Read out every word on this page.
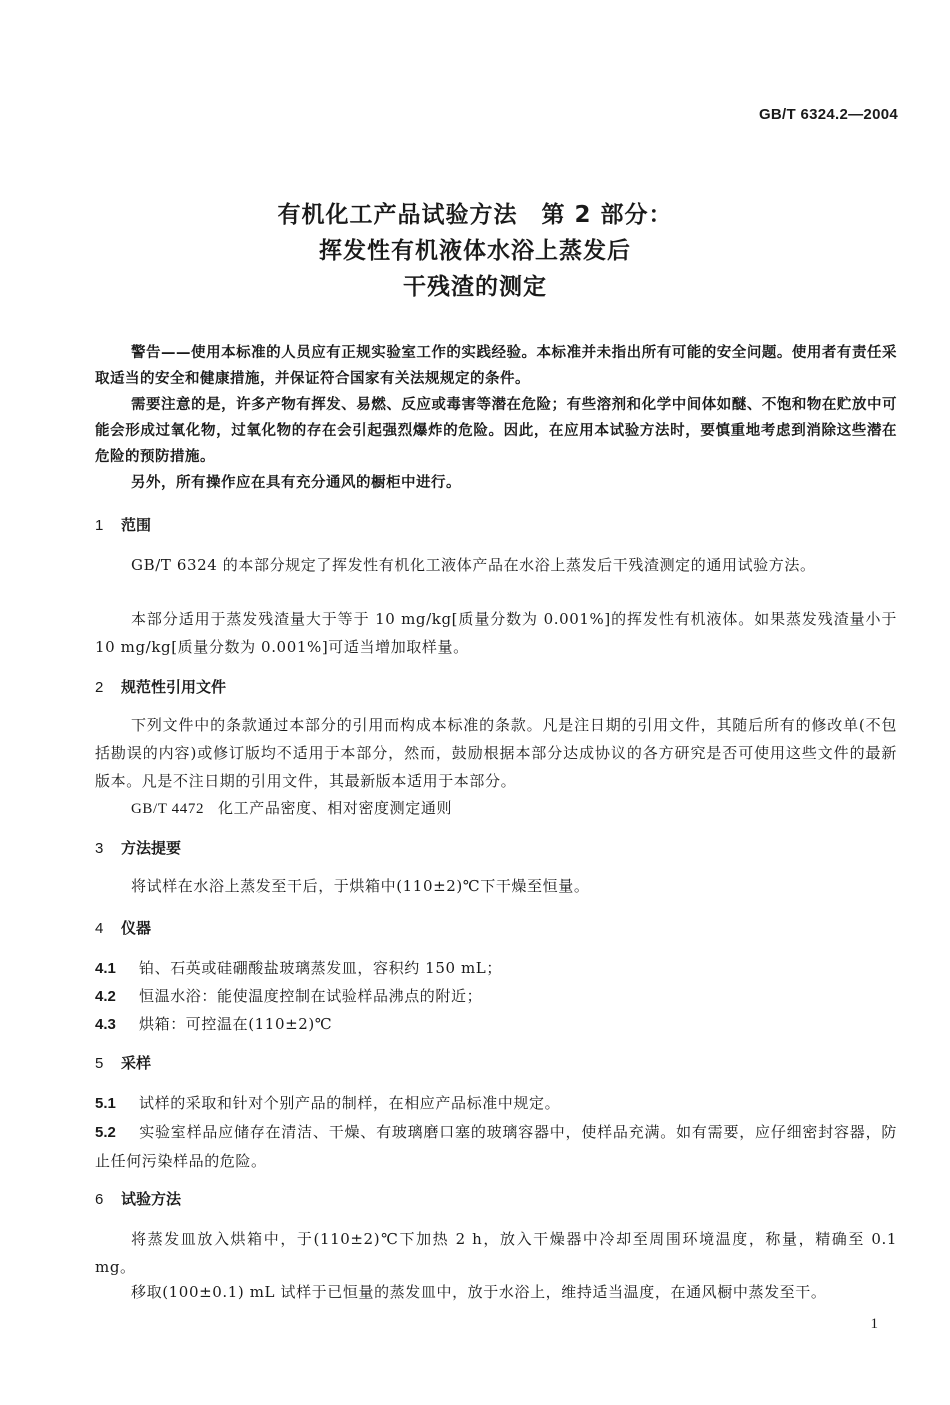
GB/T 6324.2—2004
有机化工产品试验方法　第 2 部分：
挥发性有机液体水浴上蒸发后
干残渣的测定
警告——使用本标准的人员应有正规实验室工作的实践经验。本标准并未指出所有可能的安全问题。使用者有责任采取适当的安全和健康措施，并保证符合国家有关法规规定的条件。
需要注意的是，许多产物有挥发、易燃、反应或毒害等潜在危险；有些溶剂和化学中间体如醚、不饱和物在贮放中可能会形成过氧化物，过氧化物的存在会引起强烈爆炸的危险。因此，在应用本试验方法时，要慎重地考虑到消除这些潜在危险的预防措施。
另外，所有操作应在具有充分通风的橱柜中进行。
1 范围
GB/T 6324 的本部分规定了挥发性有机化工液体产品在水浴上蒸发后干残渣测定的通用试验方法。
本部分适用于蒸发残渣量大于等于 10 mg/kg[质量分数为 0.001%]的挥发性有机液体。如果蒸发残渣量小于 10 mg/kg[质量分数为 0.001%]可适当增加取样量。
2 规范性引用文件
下列文件中的条款通过本部分的引用而构成本标准的条款。凡是注日期的引用文件，其随后所有的修改单(不包括勘误的内容)或修订版均不适用于本部分，然而，鼓励根据本部分达成协议的各方研究是否可使用这些文件的最新版本。凡是不注日期的引用文件，其最新版本适用于本部分。
GB/T 4472 化工产品密度、相对密度测定通则
3 方法提要
将试样在水浴上蒸发至干后，于烘箱中(110±2)℃下干燥至恒量。
4 仪器
4.1 铂、石英或硅硼酸盐玻璃蒸发皿，容积约 150 mL；
4.2 恒温水浴：能使温度控制在试验样品沸点的附近；
4.3 烘箱：可控温在(110±2)℃
5 采样
5.1 试样的采取和针对个别产品的制样，在相应产品标准中规定。
5.2 实验室样品应储存在清洁、干燥、有玻璃磨口塞的玻璃容器中，使样品充满。如有需要，应仔细密封容器，防止任何污染样品的危险。
6 试验方法
将蒸发皿放入烘箱中，于(110±2)℃下加热 2 h，放入干燥器中冷却至周围环境温度，称量，精确至 0.1 mg。
移取(100±0.1) mL 试样于已恒量的蒸发皿中，放于水浴上，维持适当温度，在通风橱中蒸发至干。
1
